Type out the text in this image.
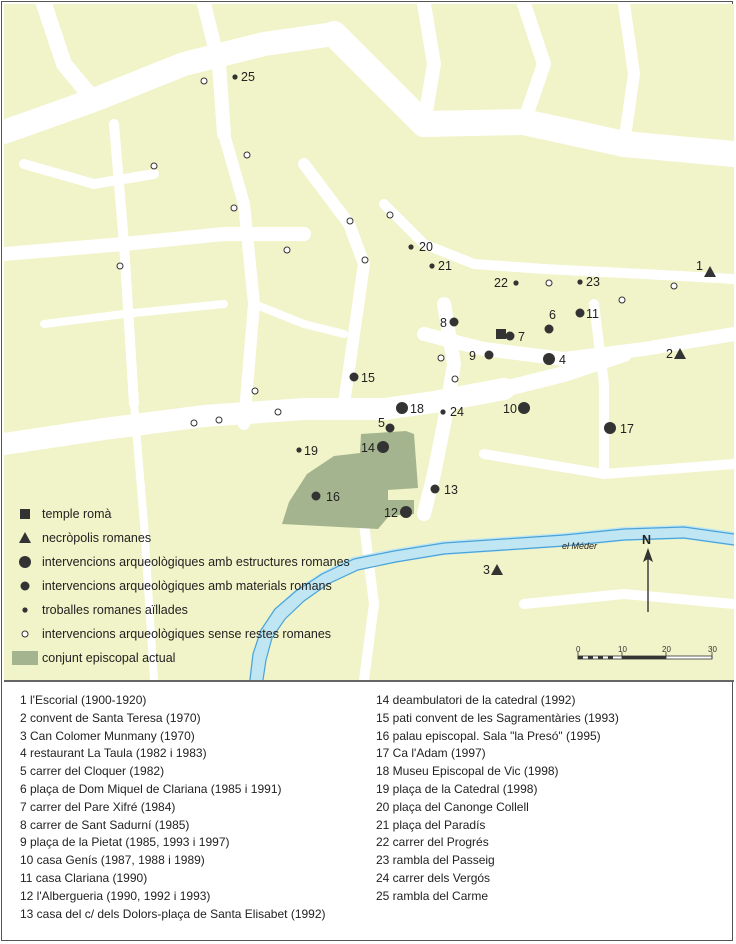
el Méder	N
1
2
3
4
5
6
7
8
9
10
11
12
13
14
15
16
17
18
19
20
21
22	23
24
25
temple romà
necròpolis romanes
intervencions arqueològiques amb estructures romanes
intervencions arqueològiques amb materials romans
troballes romanes aïllades
intervencions arqueològiques sense restes romanes
conjunt episcopal actual
10	20	30
0
1 l'Escorial (1900-1920)
2 convent de Santa Teresa (1970)
3 Can Colomer Munmany (1970)
4 restaurant La Taula (1982 i 1983)
5 carrer del Cloquer (1982)
6 plaça de Dom Miquel de Clariana (1985 i 1991)
7 carrer del Pare Xifré (1984)
8 carrer de Sant Sadurní (1985)
9 plaça de la Pietat (1985, 1993 i 1997)
10 casa Genís (1987, 1988 i 1989)
11 casa Clariana (1990)
12 l'Albergueria (1990, 1992 i 1993)
13 casa del c/ dels Dolors-plaça de Santa Elisabet (1992)
14 deambulatori de la catedral (1992)
15 pati convent de les Sagramentàries (1993)
16 palau episcopal. Sala "la Presó" (1995)
17 Ca l'Adam (1997)
18 Museu Episcopal de Vic (1998)
19 plaça de la Catedral (1998)
20 plaça del Canonge Collell
21 plaça del Paradís
22 carrer del Progrés
23 rambla del Passeig
24 carrer dels Vergós
25 rambla del Carme
